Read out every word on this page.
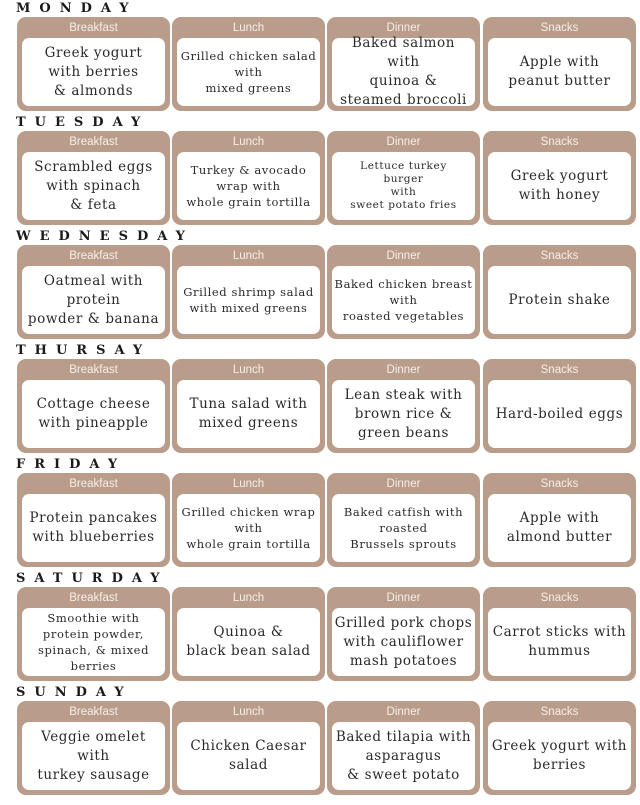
MONDAY
Breakfast
Greek yogurt
with berries
& almonds
Lunch
Grilled chicken salad
with
mixed greens
Dinner
Baked salmon with
quinoa &
steamed broccoli
Snacks
Apple with
peanut butter
TUESDAY
Breakfast
Scrambled eggs
with spinach
& feta
Lunch
Turkey & avocado
wrap with
whole grain tortilla
Dinner
Lettuce turkey
burger
with
sweet potato fries
Snacks
Greek yogurt
with honey
WEDNESDAY
Breakfast
Oatmeal with
protein
powder & banana
Lunch
Grilled shrimp salad
with mixed greens
Dinner
Baked chicken breast
with
roasted vegetables
Snacks
Protein shake
THURSAY
Breakfast
Cottage cheese
with pineapple
Lunch
Tuna salad with
mixed greens
Dinner
Lean steak with
brown rice &
green beans
Snacks
Hard-boiled eggs
FRIDAY
Breakfast
Protein pancakes
with blueberries
Lunch
Grilled chicken wrap
with
whole grain tortilla
Dinner
Baked catfish with
roasted
Brussels sprouts
Snacks
Apple with
almond butter
SATURDAY
Breakfast
Smoothie with
protein powder,
spinach, & mixed
berries
Lunch
Quinoa &
black bean salad
Dinner
Grilled pork chops
with cauliflower
mash potatoes
Snacks
Carrot sticks with
hummus
SUNDAY
Breakfast
Veggie omelet
with
turkey sausage
Lunch
Chicken Caesar
salad
Dinner
Baked tilapia with
asparagus
& sweet potato
Snacks
Greek yogurt with
berries
